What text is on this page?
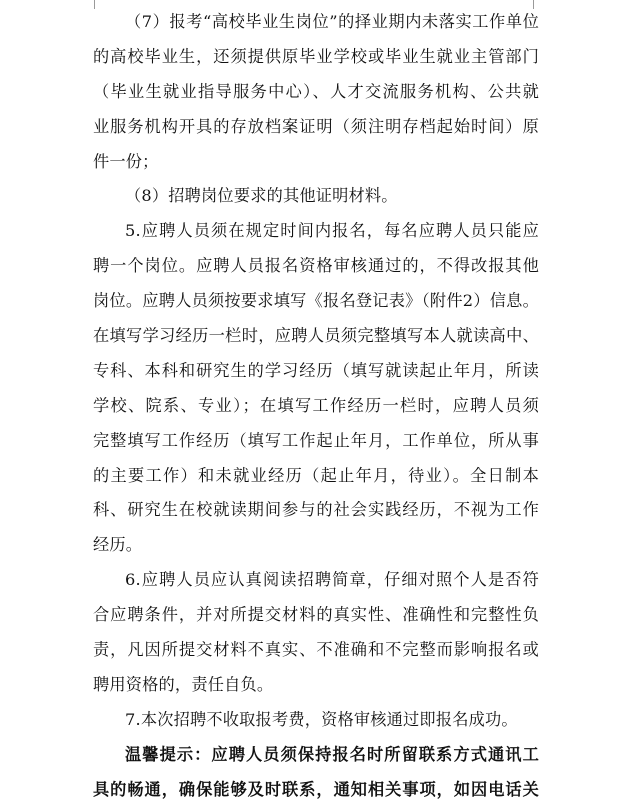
（7）报考“高校毕业生岗位”的择业期内未落实工作单位
的高校毕业生，还须提供原毕业学校或毕业生就业主管部门
（毕业生就业指导服务中心）、人才交流服务机构、公共就
业服务机构开具的存放档案证明（须注明存档起始时间）原
件一份；
（8）招聘岗位要求的其他证明材料。
5.应聘人员须在规定时间内报名，每名应聘人员只能应
聘一个岗位。应聘人员报名资格审核通过的，不得改报其他
岗位。应聘人员须按要求填写《报名登记表》（附件2）信息。
在填写学习经历一栏时，应聘人员须完整填写本人就读高中、
专科、本科和研究生的学习经历（填写就读起止年月，所读
学校、院系、专业）；在填写工作经历一栏时，应聘人员须
完整填写工作经历（填写工作起止年月，工作单位，所从事
的主要工作）和未就业经历（起止年月，待业）。全日制本
科、研究生在校就读期间参与的社会实践经历，不视为工作
经历。
6.应聘人员应认真阅读招聘简章，仔细对照个人是否符
合应聘条件，并对所提交材料的真实性、准确性和完整性负
责，凡因所提交材料不真实、不准确和不完整而影响报名或
聘用资格的，责任自负。
7.本次招聘不收取报考费，资格审核通过即报名成功。
温馨提示：应聘人员须保持报名时所留联系方式通讯工
具的畅通，确保能够及时联系，通知相关事项，如因电话关
